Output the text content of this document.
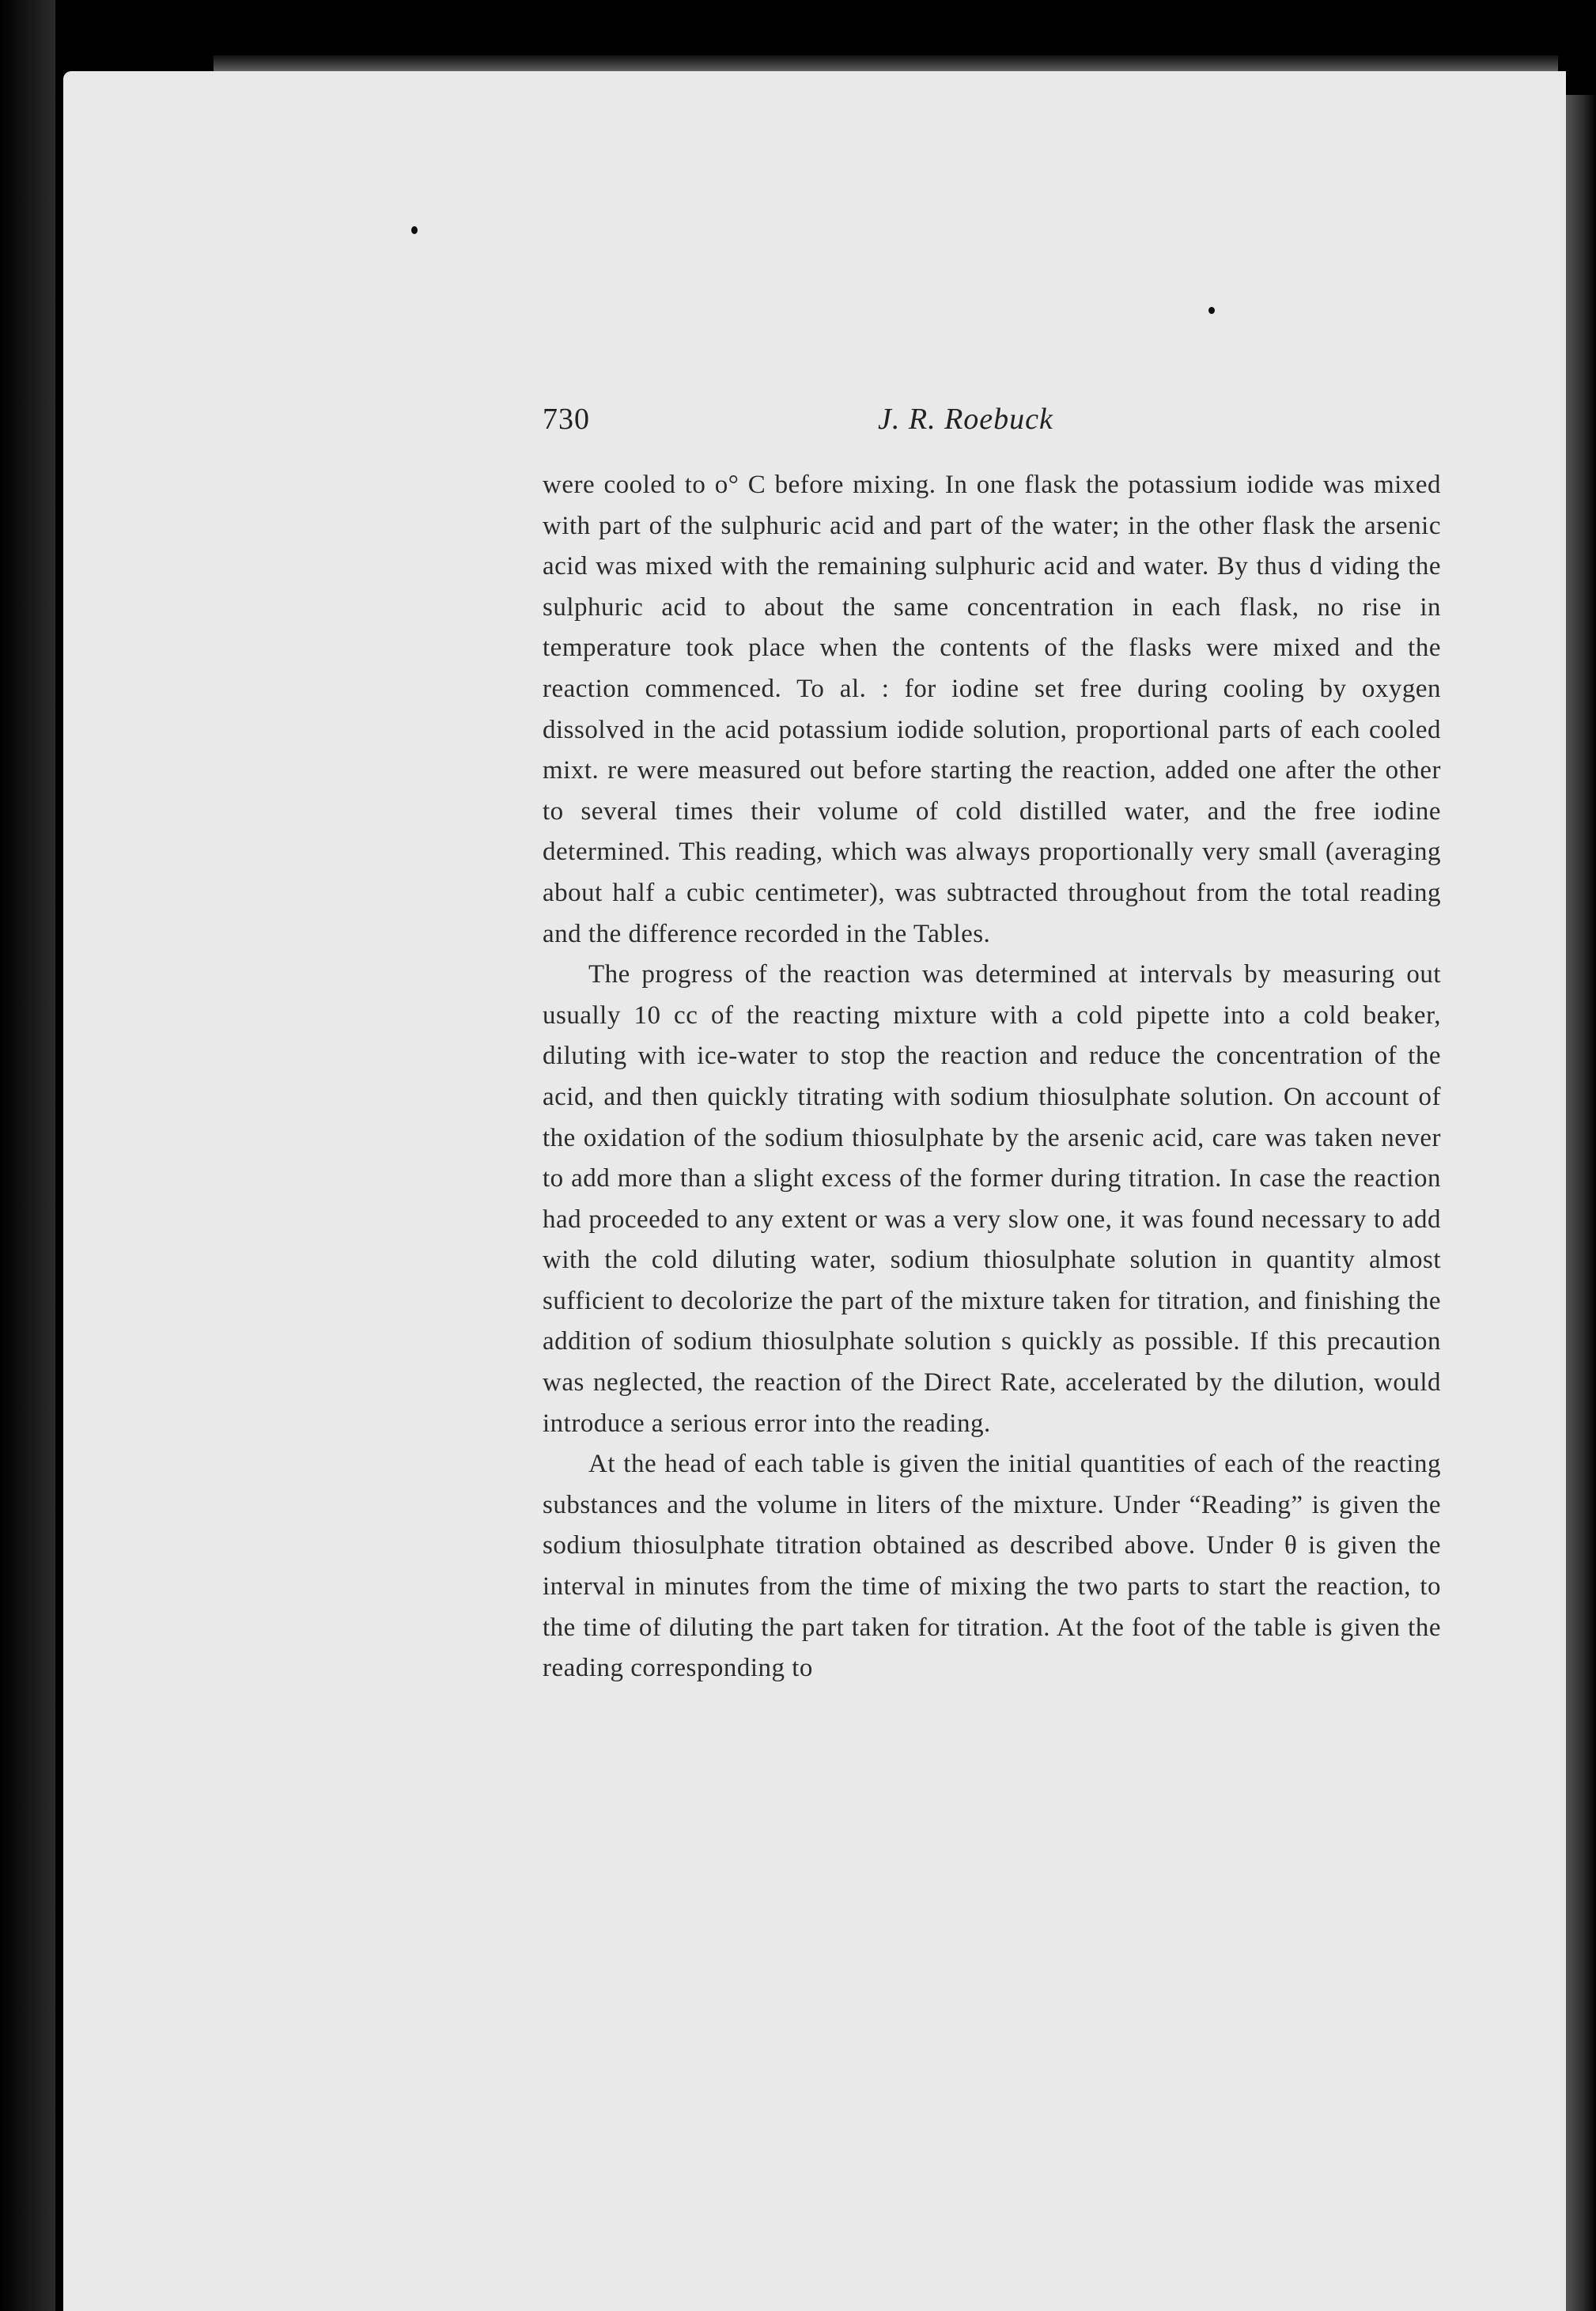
730	J. R. Roebuck

were cooled to o° C before mixing. In one flask the potassium iodide was mixed with part of the sulphuric acid and part of the water; in the other flask the arsenic acid was mixed with the remaining sulphuric acid and water. By thus d viding the sulphuric acid to about the same concentration in each flask, no rise in temperature took place when the contents of the flasks were mixed and the reaction commenced. To al. : for iodine set free during cooling by oxygen dissolved in the acid potassium iodide solution, proportional parts of each cooled mixt. re were measured out before starting the reaction, added one after the other to several times their volume of cold distilled water, and the free iodine determined. This reading, which was always proportionally very small (averaging about half a cubic centimeter), was subtracted throughout from the total reading and the difference recorded in the Tables.

The progress of the reaction was determined at intervals by measuring out usually 10 cc of the reacting mixture with a cold pipette into a cold beaker, diluting with ice-water to stop the reaction and reduce the concentration of the acid, and then quickly titrating with sodium thiosulphate solution. On account of the oxidation of the sodium thiosulphate by the arsenic acid, care was taken never to add more than a slight excess of the former during titration. In case the reaction had proceeded to any extent or was a very slow one, it was found necessary to add with the cold diluting water, sodium thiosulphate solution in quantity almost sufficient to decolorize the part of the mixture taken for titration, and finishing the addition of sodium thiosulphate solution s quickly as possible. If this precaution was neglected, the reaction of the Direct Rate, accelerated by the dilution, would introduce a serious error into the reading.

At the head of each table is given the initial quantities of each of the reacting substances and the volume in liters of the mixture. Under “Reading” is given the sodium thiosulphate titration obtained as described above. Under θ is given the interval in minutes from the time of mixing the two parts to start the reaction, to the time of diluting the part taken for titration. At the foot of the table is given the reading corresponding to
